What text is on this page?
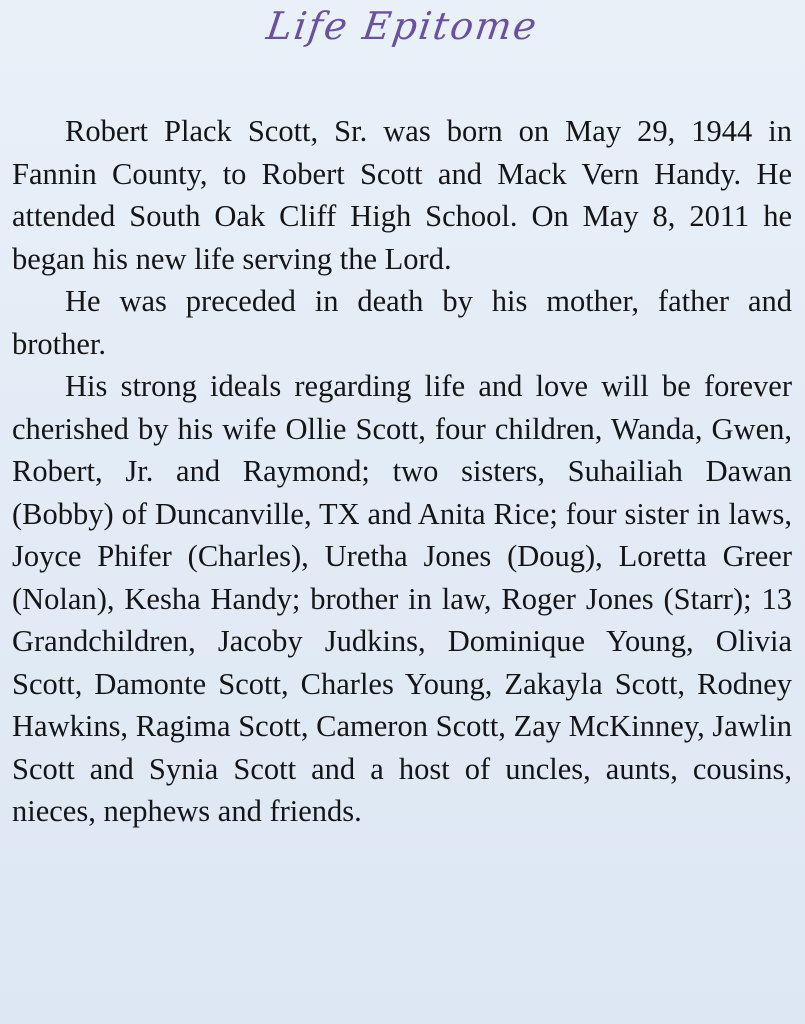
Life Epitome

Robert Plack Scott, Sr. was born on May 29, 1944 in Fannin County, to Robert Scott and Mack Vern Handy. He attended South Oak Cliff High School. On May 8, 2011 he began his new life serving the Lord.

He was preceded in death by his mother, father and brother.

His strong ideals regarding life and love will be forever cherished by his wife Ollie Scott, four children, Wanda, Gwen, Robert, Jr. and Raymond; two sisters, Suhailiah Dawan (Bobby) of Duncanville, TX and Anita Rice; four sister in laws, Joyce Phifer (Charles), Uretha Jones (Doug), Loretta Greer (Nolan), Kesha Handy; brother in law, Roger Jones (Starr); 13 Grandchildren, Jacoby Judkins, Dominique Young, Olivia Scott, Damonte Scott, Charles Young, Zakayla Scott, Rodney Hawkins, Ragima Scott, Cameron Scott, Zay McKinney, Jawlin Scott and Synia Scott and a host of uncles, aunts, cousins, nieces, nephews and friends.
